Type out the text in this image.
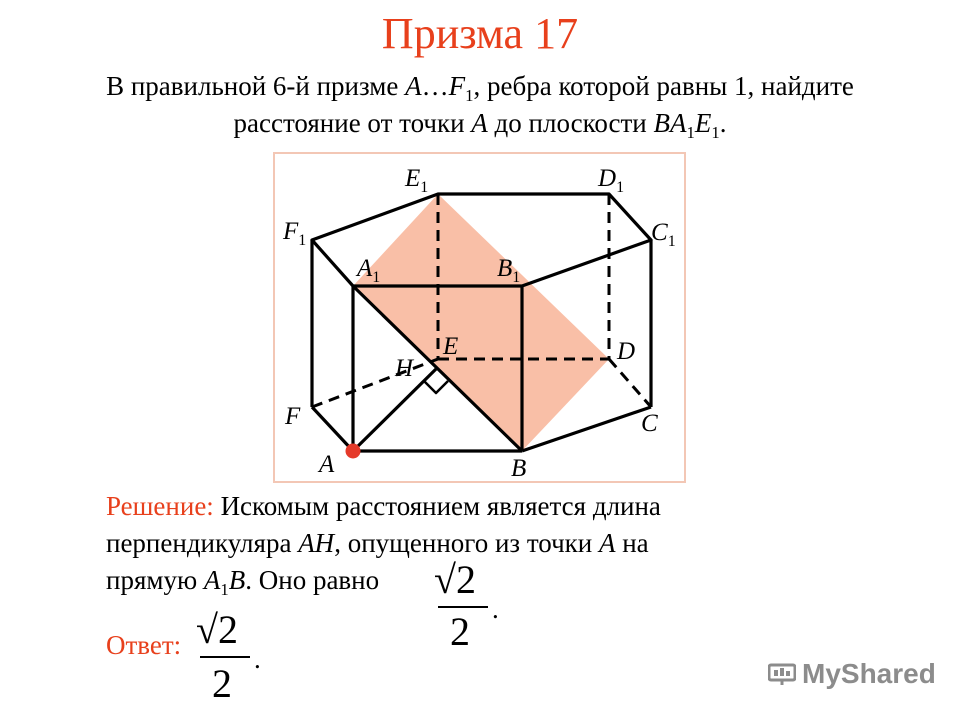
Призма 17
В правильной 6-й призме $A\dots F_1$, ребра которой равны 1, найдите
расстояние от точки A до плоскости $BA_1E_1$.
$E_1$	$D_1$
$F_1$	$C_1$
$A_1$	$B_1$
E	D
H
F	C
A	B
Решение: Искомым расстоянием является длина
перпендикуляра AH, опущенного из точки A на
прямую $A_1B$. Оно равно	√2
2 .
Ответ: √2
2
.	MyShared
